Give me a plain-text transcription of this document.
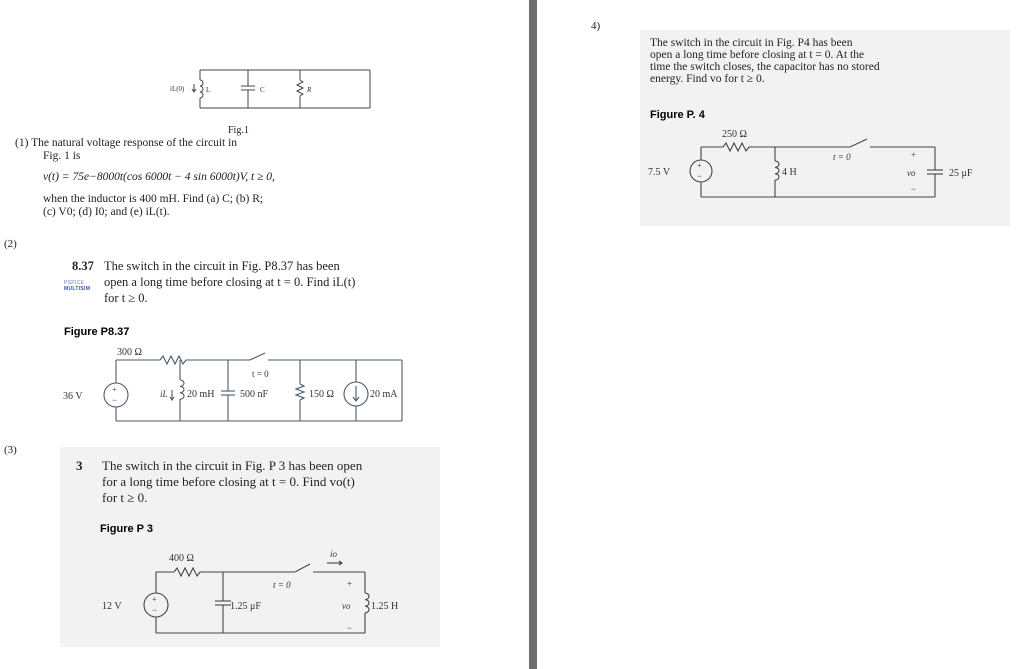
iL(0)	L	C	R
Fig.1
(1) The natural voltage response of the circuit in
Fig. 1 is
v(t) = 75e−8000t(cos 6000t − 4 sin 6000t)V, t ≥ 0,
when the inductor is 400 mH. Find (a) C; (b) R;
(c) V0; (d) I0; and (e) iL(t).
(2)
8.37 The switch in the circuit in Fig. P8.37 has been
open a long time before closing at t = 0. Find iL(t)
for t ≥ 0.
PSPICE
MULTISIM
Figure P8.37
+
−
300 Ω
36 V	iL 20 mH
t = 0
500 nF	150 Ω	20 mA
(3)
3 The switch in the circuit in Fig. P 3 has been open
for a long time before closing at t = 0. Find vo(t)
for t ≥ 0.
Figure P 3
+
−
400 Ω
12 V	1.25 μF
t = 0
io
+
vo
−
1.25 H
4)
The switch in the circuit in Fig. P4 has been
open a long time before closing at t = 0. At the
time the switch closes, the capacitor has no stored
energy. Find vo for t ≥ 0.
Figure P. 4
+
−
250 Ω
7.5 V	4 H
t = 0	+
vo
−
25 μF
